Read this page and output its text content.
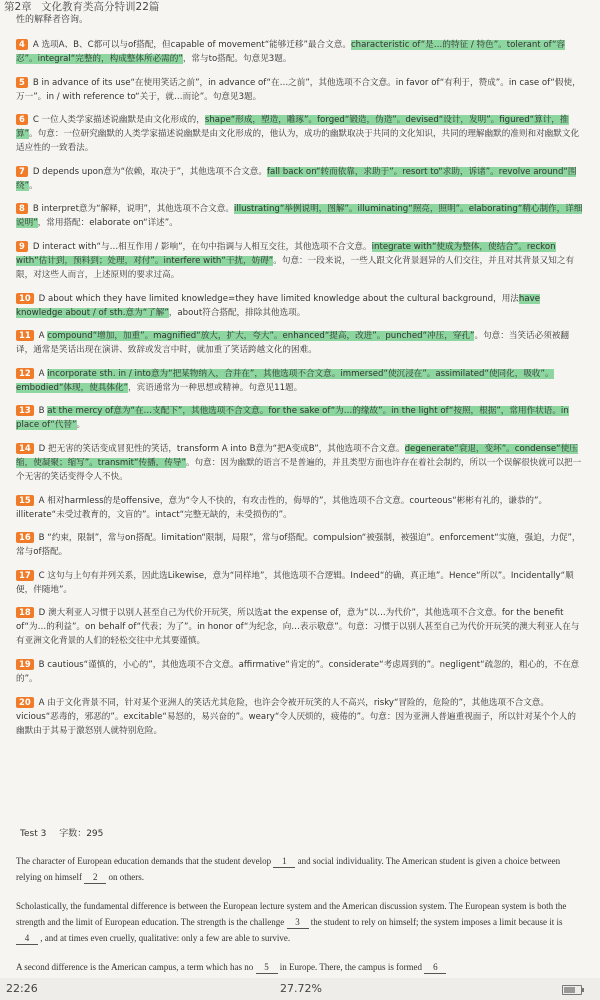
第2章 文化教育类高分特训22篇
性的解释者咨询。
4 A 选项A、B、C都可以与of搭配，但capable of movement“能够迁移”最合文意。characteristic of“是…的特征 / 特色”。tolerant of“容忍”。integral“完整的，构成整体所必需的”，常与to搭配。句意见3题。
5 B in advance of its use“在使用笑话之前”，in advance of“在…之前”，其他选项不合文意。in favor of“有利于，赞成”。in case of“假使，万一”。in / with reference to“关于，就…而论”。句意见3题。
6 C 一位人类学家描述说幽默是由文化形成的，shape“形成，塑造，雕琢”。forged“锻造，伪造”。devised“设计，发明”。figured“算计，推算”。句意：一位研究幽默的人类学家描述说幽默是由文化形成的，他认为，成功的幽默取决于共同的文化知识，共同的理解幽默的准则和对幽默文化适应性的一致看法。
7 D depends upon意为“依赖，取决于”，其他选项不合文意。fall back on“转而依靠，求助于”。resort to“求助，诉诸”。revolve around“围绕”。
8 B interpret意为“解释，说明”，其他选项不合文意。illustrating“举例说明，图解”。illuminating“照亮，照明”。elaborating“精心制作，详细说明”，常用搭配：elaborate on“详述”。
9 D interact with“与…相互作用 / 影响”，在句中指调与人相互交往，其他选项不合文意。integrate with“使成为整体，使结合”。reckon with“估计到，预料到；处理，对付”。interfere with“干扰，妨碍”。句意：一段来说，一些人跟文化背景迥异的人们交往，并且对其背景又知之有限，对这些人而言，上述原则的要求过高。
10 D about which they have limited knowledge=they have limited knowledge about the cultural background，用法have knowledge about / of sth.意为“了解”，about符合搭配，排除其他选项。
11 A compound“增加，加重”。magnified“放大，扩大，夸大”。enhanced“提高，改进”。punched“冲压，穿孔”。句意：当笑话必须被翻译，通常是笑话出现在演讲、致辞或发言中时，就加重了笑话跨越文化的困难。
12 A incorporate sth. in / into意为“把某物纳入，合并在”，其他选项不合文意。immersed“使沉浸在”。assimilated“使同化，吸收”。embodied“体现，使具体化”，宾语通常为一种思想或精神。句意见11题。
13 B at the mercy of意为“在…支配下”，其他选项不合文意。for the sake of“为…的缘故”。in the light of“按照，根据”，常用作状语。in place of“代替”。
14 D 把无害的笑话变成冒犯性的笑话，transform A into B意为“把A变成B”，其他选项不合文意。degenerate“衰退，变坏”。condense“使压缩，使凝聚；缩写”。transmit“传播，传导”。句意：因为幽默的语言不是普遍的，并且类型方面也许存在着社会制约，所以一个误解很快就可以把一个无害的笑话变得令人不快。
15 A 相对harmless的是offensive，意为“令人不快的，有攻击性的，侮辱的”，其他选项不合文意。courteous“彬彬有礼的，谦恭的”。illiterate“未受过教育的，文盲的”。intact“完整无缺的，未受损伤的”。
16 B “约束，限制”，常与on搭配。limitation“限制，局限”，常与of搭配。compulsion“被强制，被强迫”。enforcement“实施，强迫，力促”，常与of搭配。
17 C 这句与上句有并列关系，因此选Likewise，意为“同样地”，其他选项不合逻辑。Indeed“的确，真正地”。Hence“所以”。Incidentally“顺便，伴随地”。
18 D 澳大利亚人习惯于以别人甚至自己为代价开玩笑，所以选at the expense of，意为“以…为代价”，其他选项不合文意。for the benefit of“为…的利益”。on behalf of“代表；为了”。in honor of“为纪念，向…表示敬意”。句意：习惯于以别人甚至自己为代价开玩笑的澳大利亚人在与有亚洲文化背景的人们的轻松交往中尤其要谨慎。
19 B cautious“谨慎的，小心的”，其他选项不合文意。affirmative“肯定的”。considerate“考虑周到的”。negligent“疏忽的，粗心的，不在意的”。
20 A 由于文化背景不同，针对某个亚洲人的笑话尤其危险，也许会令被开玩笑的人不高兴，risky“冒险的，危险的”，其他选项不合文意。vicious“恶毒的，邪恶的”。excitable“易怒的，易兴奋的”。weary“令人厌烦的，疲倦的”。句意：因为亚洲人普遍重视面子，所以针对某个个人的幽默由于其易于激怒别人就特别危险。
Test 3 字数：295
The character of European education demands that the student develop 1 and social individuality. The American student is given a choice between relying on himself 2 on others.
Scholastically, the fundamental difference is between the European lecture system and the American discussion system. The European system is both the strength and the limit of European education. The strength is the challenge 3 the student to rely on himself; the system imposes a limit because it is 4 , and at times even cruelly, qualitative: only a few are able to survive.
A second difference is the American campus, a term which has no 5 in Europe. There, the campus is formed 6
22:26	27.72%
